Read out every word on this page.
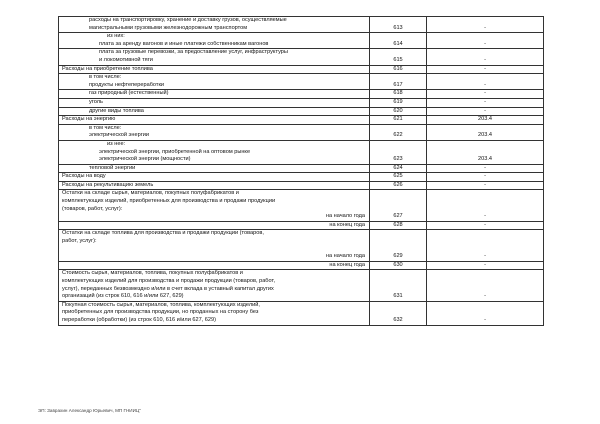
расходы на транспортировку, хранение и доставку грузов, осуществляемые
магистральными грузовыми железнодорожным транспортом	613	-

из них:
плата за аренду вагонов и иные платежи собственникам вагонов	614	-

плата за грузовые перевозки, за предоставление услуг, инфраструктуры
и локомотивной тяги	615	-

Расходы на приобретение топлива	616	-

в том числе:
продукты нефтепереработки	617	-

газ природный (естественный)	618	-

уголь	619	-

другие виды топлива	620	-

Расходы на энергию	621	203.4

в том числе:
электрической энергии	622	203.4

из нее:
электрической энергии, приобретенной на оптовом рынке
электрической энергии (мощности)	623	203.4

тепловой энергии	624	-

Расходы на воду	625	-

Расходы на рекультивацию земель	626	-

Остатки на складе сырья, материалов, покупных полуфабрикатов и
комплектующих изделий, приобретенных для производства и продажи продукции
(товаров, работ, услуг):
на начало года	627	-

на конец года	628	-

Остатки на складе топлива для производства и продажи продукции (товаров,
работ, услуг):

на начало года	629	-

на конец года	630	-

Стоимость сырья, материалов, топлива, покупных полуфабрикатов и
комплектующих изделий для производства и продажи продукции (товаров, работ,
услуг), переданных безвозмездно и/или в счет вклада в уставный капитал других
организаций (из строк 610, 616 и/или 627, 629)	631	-

Покупная стоимость сырья, материалов, топлива, комплектующих изделий,
приобретенных для производства продукции, но проданных на сторону без
переработки (обработки) (из строк 610, 616 и/или 627, 629)	632	-
ЭП: Заврахин Александр Юрьевич, МП ГНИИЦ"
